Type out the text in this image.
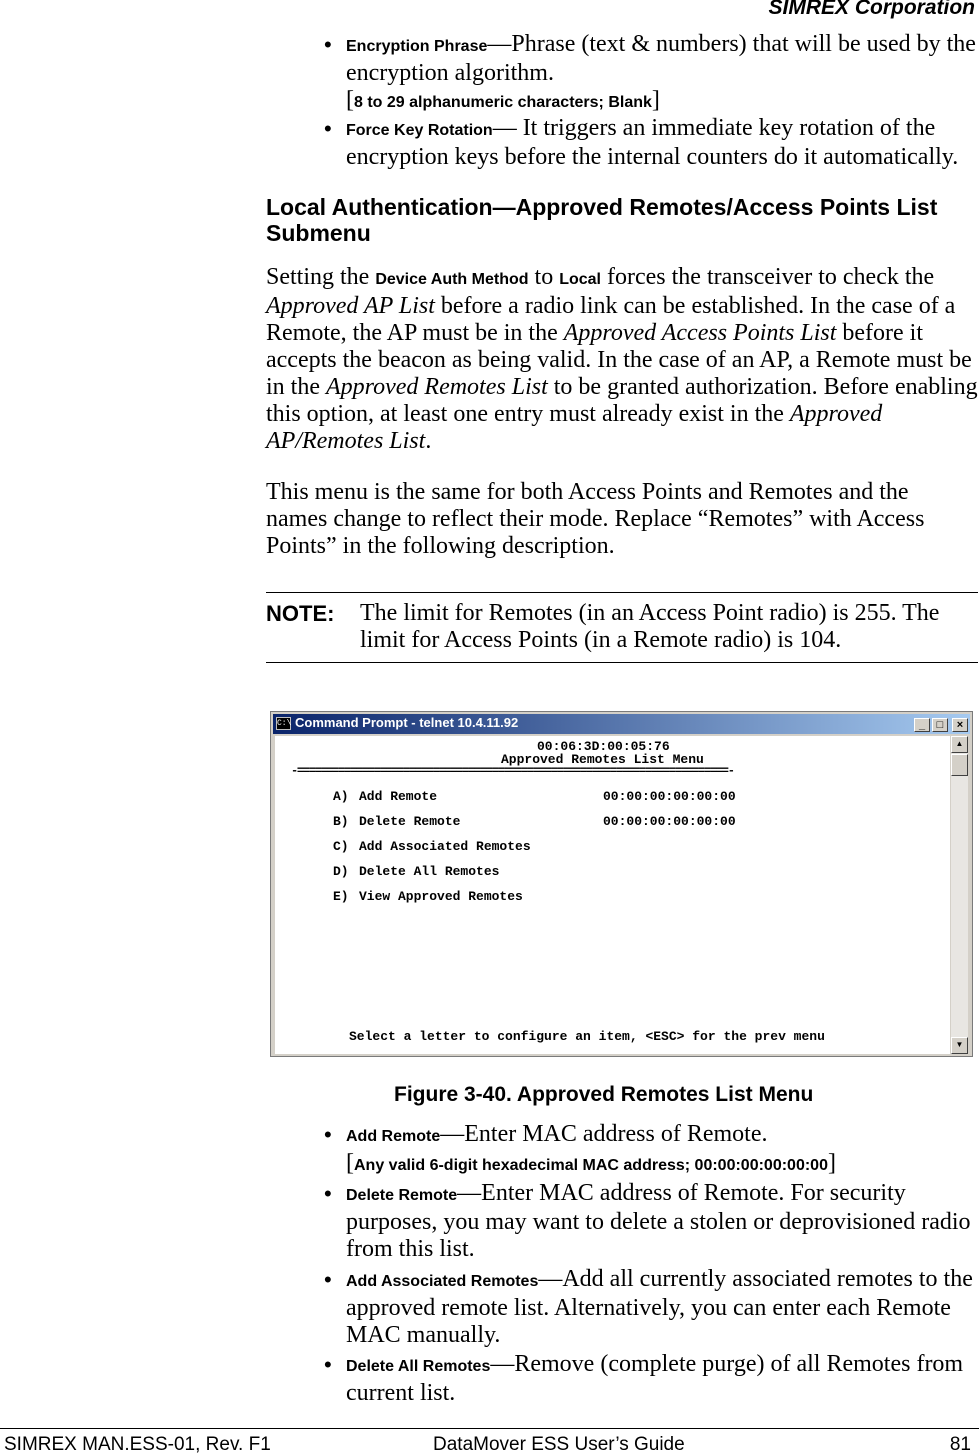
SIMREX Corporation
• Encryption Phrase—Phrase (text & numbers) that will be used by the encryption algorithm.
[8 to 29 alphanumeric characters; Blank]
• Force Key Rotation— It triggers an immediate key rotation of the encryption keys before the internal counters do it automatically.
Local Authentication—Approved Remotes/Access Points List Submenu
Setting the Device Auth Method to Local forces the transceiver to check the Approved AP List before a radio link can be established. In the case of a Remote, the AP must be in the Approved Access Points List before it accepts the beacon as being valid. In the case of an AP, a Remote must be in the Approved Remotes List to be granted authorization. Before enabling this option, at least one entry must already exist in the Approved AP/Remotes List.
This menu is the same for both Access Points and Remotes and the names change to reflect their mode. Replace “Remotes” with Access Points” in the following description.
NOTE: The limit for Remotes (in an Access Point radio) is 255. The limit for Access Points (in a Remote radio) is 104.
C:\ Command Prompt - telnet 10.4.11.92	_	□	×
00:06:3D:00:05:76
Approved Remotes List Menu
-=========================================================================-
A) Add Remote	00:00:00:00:00:00
B) Delete Remote	00:00:00:00:00:00
C) Add Associated Remotes
D) Delete All Remotes
E) View Approved Remotes
Select a letter to configure an item, <ESC> for the prev menu
▲
▼
Figure 3-40. Approved Remotes List Menu
• Add Remote—Enter MAC address of Remote.
[Any valid 6-digit hexadecimal MAC address; 00:00:00:00:00:00]
• Delete Remote—Enter MAC address of Remote. For security purposes, you may want to delete a stolen or deprovisioned radio from this list.
• Add Associated Remotes—Add all currently associated remotes to the approved remote list. Alternatively, you can enter each Remote MAC manually.
• Delete All Remotes—Remove (complete purge) of all Remotes from current list.
SIMREX MAN.ESS-01, Rev. F1	DataMover ESS User’s Guide	81
